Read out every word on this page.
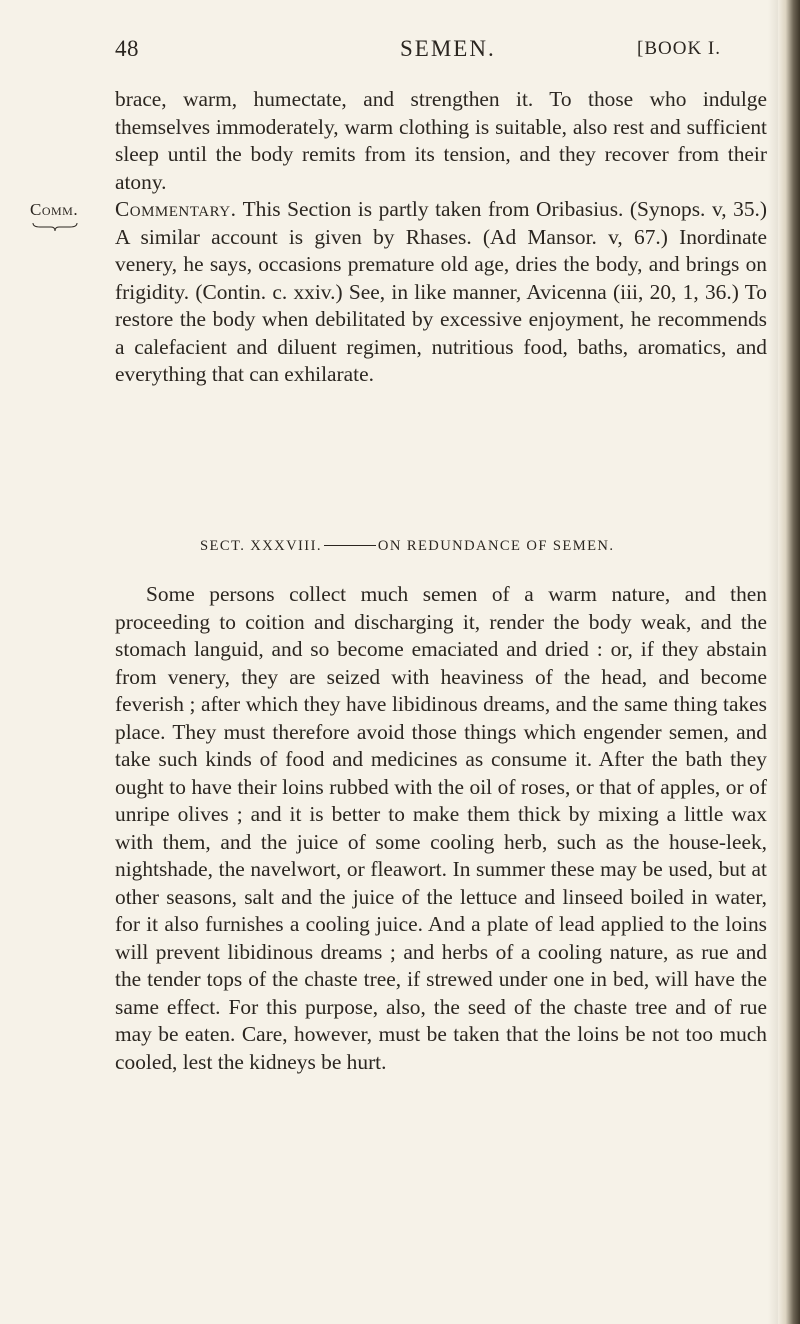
48	SEMEN.	[BOOK I.

brace, warm, humectate, and strengthen it. To those who indulge themselves immoderately, warm clothing is suitable, also rest and sufficient sleep until the body remits from its tension, and they recover from their atony.

Comm. Commentary. This Section is partly taken from Oribasius. (Synops. v, 35.) A similar account is given by Rhases. (Ad Mansor. v, 67.) Inordinate venery, he says, occasions premature old age, dries the body, and brings on frigidity. (Contin. c. xxiv.) See, in like manner, Avicenna (iii, 20, 1, 36.) To restore the body when debilitated by excessive enjoyment, he recommends a calefacient and diluent regimen, nutritious food, baths, aromatics, and everything that can exhilarate.

SECT. XXXVIII.	ON REDUNDANCE OF SEMEN.

Some persons collect much semen of a warm nature, and then proceeding to coition and discharging it, render the body weak, and the stomach languid, and so become emaciated and dried : or, if they abstain from venery, they are seized with heaviness of the head, and become feverish ; after which they have libidinous dreams, and the same thing takes place. They must therefore avoid those things which engender semen, and take such kinds of food and medicines as consume it. After the bath they ought to have their loins rubbed with the oil of roses, or that of apples, or of unripe olives ; and it is better to make them thick by mixing a little wax with them, and the juice of some cooling herb, such as the house-leek, nightshade, the navelwort, or fleawort. In summer these may be used, but at other seasons, salt and the juice of the lettuce and linseed boiled in water, for it also furnishes a cooling juice. And a plate of lead applied to the loins will prevent libidinous dreams ; and herbs of a cooling nature, as rue and the tender tops of the chaste tree, if strewed under one in bed, will have the same effect. For this purpose, also, the seed of the chaste tree and of rue may be eaten. Care, however, must be taken that the loins be not too much cooled, lest the kidneys be hurt.
